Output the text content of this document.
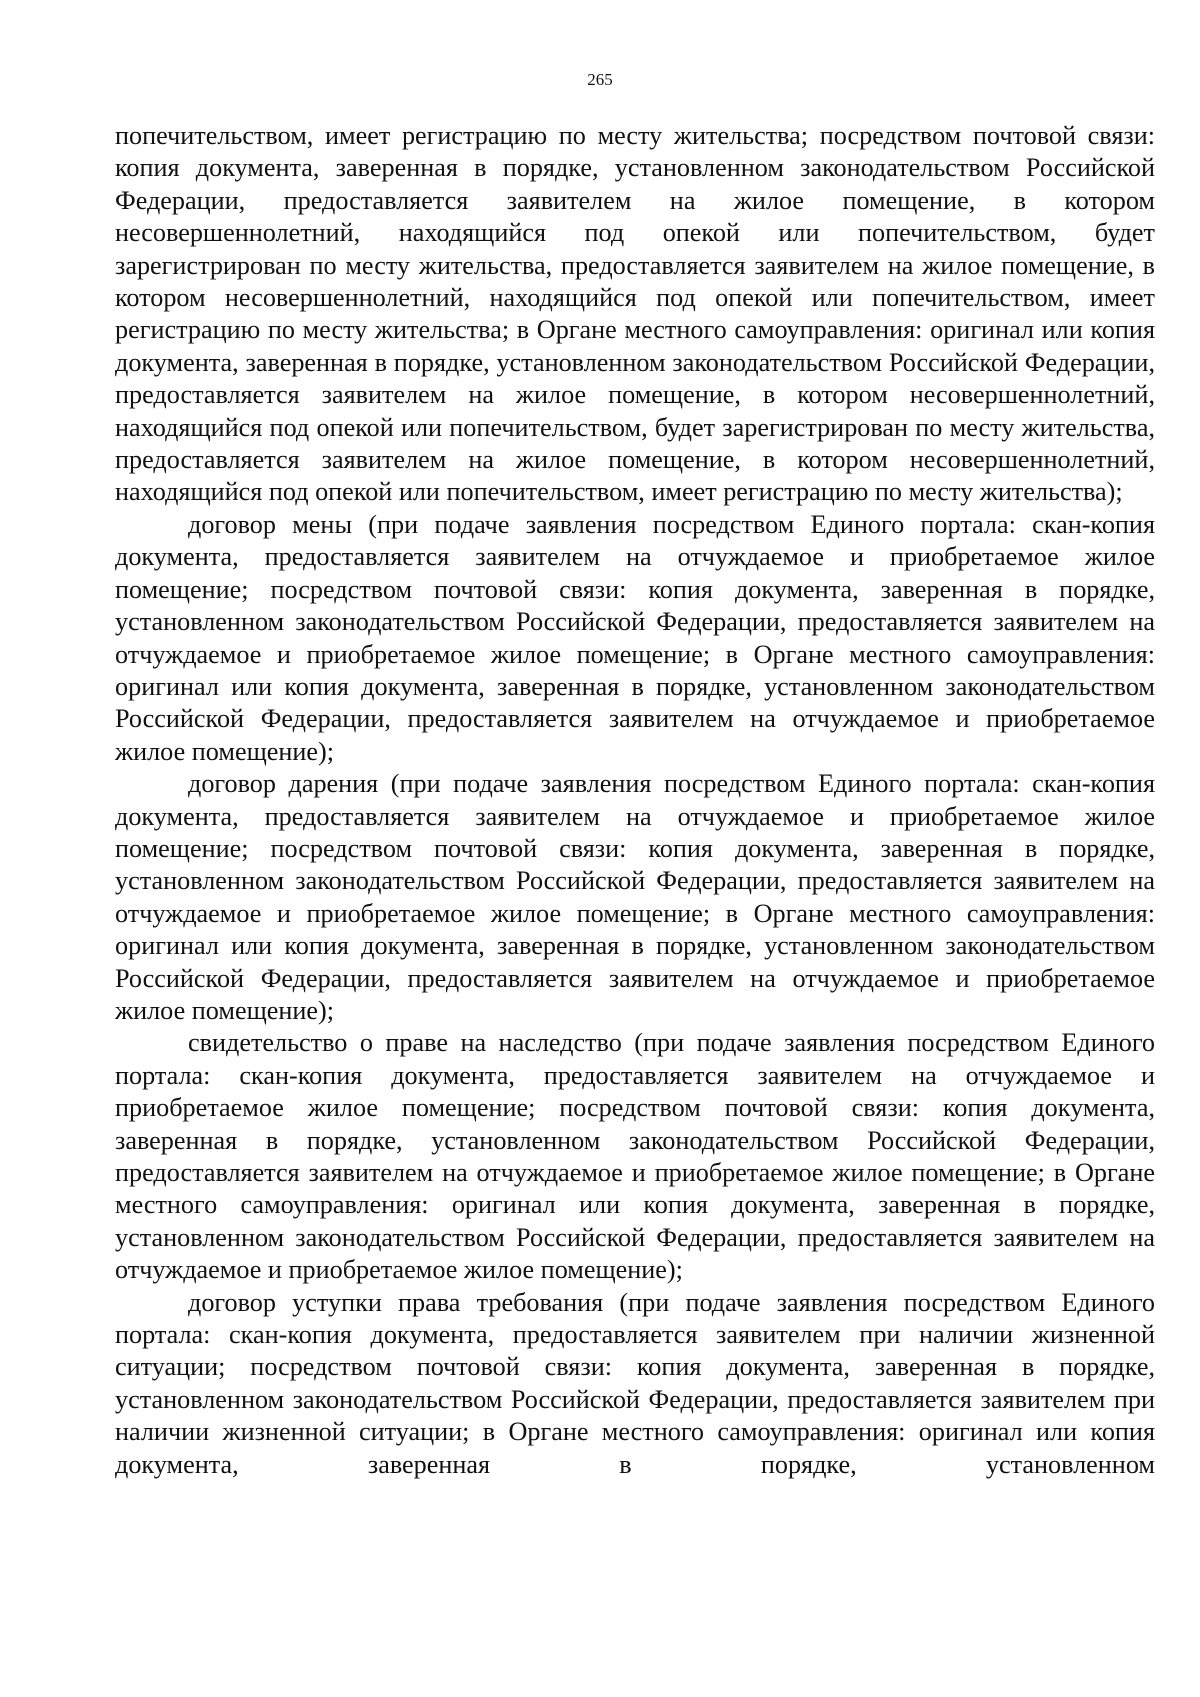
265

попечительством, имеет регистрацию по месту жительства; посредством почтовой связи: копия документа, заверенная в порядке, установленном законодательством Российской Федерации, предоставляется заявителем на жилое помещение, в котором несовершеннолетний, находящийся под опекой или попечительством, будет зарегистрирован по месту жительства, предоставляется заявителем на жилое помещение, в котором несовершеннолетний, находящийся под опекой или попечительством, имеет регистрацию по месту жительства; в Органе местного самоуправления: оригинал или копия документа, заверенная в порядке, установленном законодательством Российской Федерации, предоставляется заявителем на жилое помещение, в котором несовершеннолетний, находящийся под опекой или попечительством, будет зарегистрирован по месту жительства, предоставляется заявителем на жилое помещение, в котором несовершеннолетний, находящийся под опекой или попечительством, имеет регистрацию по месту жительства);

договор мены (при подаче заявления посредством Единого портала: скан-копия документа, предоставляется заявителем на отчуждаемое и приобретаемое жилое помещение; посредством почтовой связи: копия документа, заверенная в порядке, установленном законодательством Российской Федерации, предоставляется заявителем на отчуждаемое и приобретаемое жилое помещение; в Органе местного самоуправления: оригинал или копия документа, заверенная в порядке, установленном законодательством Российской Федерации, предоставляется заявителем на отчуждаемое и приобретаемое жилое помещение);

договор дарения (при подаче заявления посредством Единого портала: скан-копия документа, предоставляется заявителем на отчуждаемое и приобретаемое жилое помещение; посредством почтовой связи: копия документа, заверенная в порядке, установленном законодательством Российской Федерации, предоставляется заявителем на отчуждаемое и приобретаемое жилое помещение; в Органе местного самоуправления: оригинал или копия документа, заверенная в порядке, установленном законодательством Российской Федерации, предоставляется заявителем на отчуждаемое и приобретаемое жилое помещение);

свидетельство о праве на наследство (при подаче заявления посредством Единого портала: скан-копия документа, предоставляется заявителем на отчуждаемое и приобретаемое жилое помещение; посредством почтовой связи: копия документа, заверенная в порядке, установленном законодательством Российской Федерации, предоставляется заявителем на отчуждаемое и приобретаемое жилое помещение; в Органе местного самоуправления: оригинал или копия документа, заверенная в порядке, установленном законодательством Российской Федерации, предоставляется заявителем на отчуждаемое и приобретаемое жилое помещение);

договор уступки права требования (при подаче заявления посредством Единого портала: скан-копия документа, предоставляется заявителем при наличии жизненной ситуации; посредством почтовой связи: копия документа, заверенная в порядке, установленном законодательством Российской Федерации, предоставляется заявителем при наличии жизненной ситуации; в Органе местного самоуправления: оригинал или копия документа, заверенная в порядке, установленном
